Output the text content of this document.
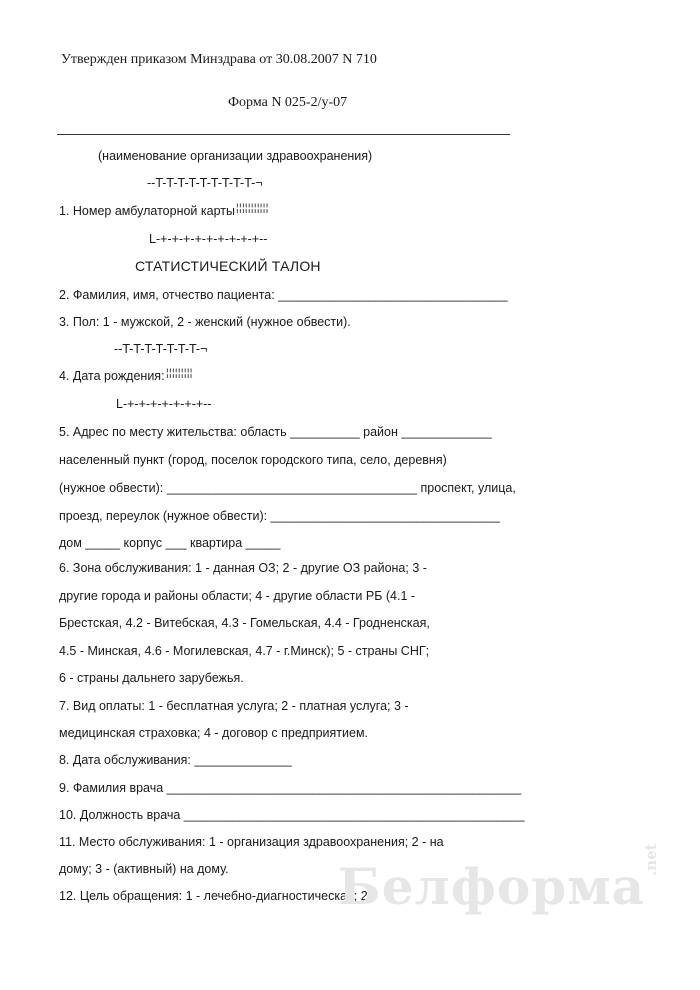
Утвержден приказом Минздрава от 30.08.2007 N 710
Форма N 025-2/у-07
(наименование организации здравоохранения)
--T-T-T-T-T-T-T-T-T-¬
1. Номер амбулаторной карты ¦ ¦ ¦ ¦ ¦ ¦ ¦ ¦ ¦ ¦ ¦
L-+-+-+-+-+-+-+-+-+--
СТАТИСТИЧЕСКИЙ ТАЛОН
2. Фамилия, имя, отчество пациента: _________________________________
3. Пол: 1 - мужской, 2 - женский (нужное обвести).
--T-T-T-T-T-T-T-¬
4. Дата рождения: ¦ ¦ ¦ ¦ ¦ ¦ ¦ ¦ ¦
L-+-+-+-+-+-+-+--
5. Адрес по месту жительства: область __________ район _____________
населенный пункт (город, поселок городского типа, село, деревня)
(нужное обвести): ____________________________________ проспект, улица,
проезд, переулок (нужное обвести): _________________________________
дом _____ корпус ___ квартира _____
6. Зона обслуживания: 1 - данная ОЗ; 2 - другие ОЗ района; 3 -
другие города и районы области; 4 - другие области РБ (4.1 -
Брестская, 4.2 - Витебская, 4.3 - Гомельская, 4.4 - Гродненская,
4.5 - Минская, 4.6 - Могилевская, 4.7 - г.Минск); 5 - страны СНГ;
6 - страны дальнего зарубежья.
7. Вид оплаты: 1 - бесплатная услуга; 2 - платная услуга; 3 -
медицинская страховка; 4 - договор с предприятием.
8. Дата обслуживания: ______________
9. Фамилия врача ___________________________________________________
10. Должность врача _________________________________________________
11. Место обслуживания: 1 - организация здравоохранения; 2 - на
дому; 3 - (активный) на дому.
12. Цель обращения: 1 - лечебно-диагностическая; 2 -
Белформа
.net
